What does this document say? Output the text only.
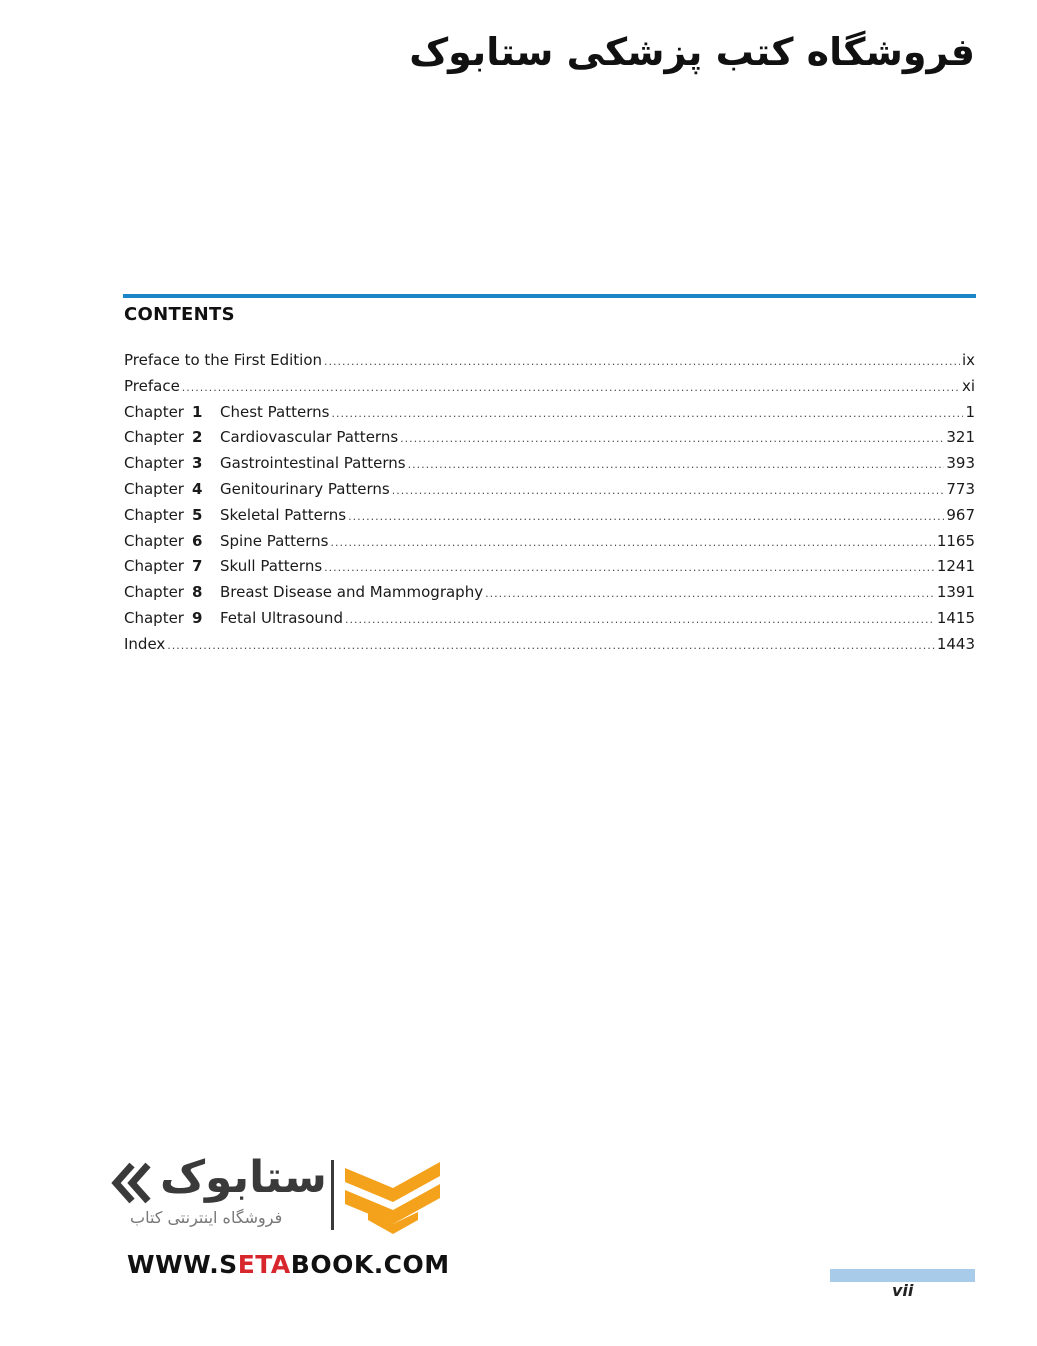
فروشگاه کتب پزشکی ستابوک
CONTENTS
Preface to the First Edition .....	ix
Preface .....	xi
Chapter 1	Chest Patterns .....	1
Chapter 2	Cardiovascular Patterns .....	321
Chapter 3	Gastrointestinal Patterns .....	393
Chapter 4	Genitourinary Patterns .....	773
Chapter 5	Skeletal Patterns .....	967
Chapter 6	Spine Patterns .....	1165
Chapter 7	Skull Patterns .....	1241
Chapter 8	Breast Disease and Mammography .....	1391
Chapter 9	Fetal Ultrasound .....	1415
Index .....	1443
ستابوک
فروشگاه اینترنتی کتاب
WWW.SETABOOK.COM
vii
